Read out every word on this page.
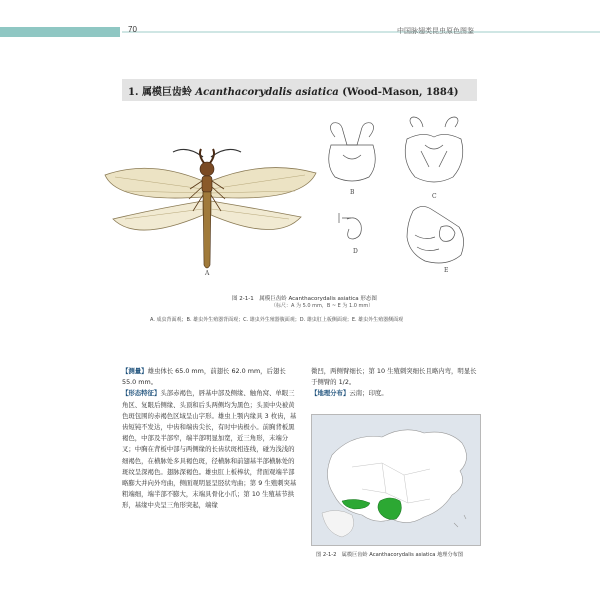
70	中国脉翅类昆虫原色图鉴
1. 属模巨齿蛉 Acanthacorydalis asiatica (Wood-Mason, 1884)
A
B
C
D
E
图 2-1-1　属模巨齿蛉 Acanthacorydalis asiatica 形态图
（标尺：A 为 5.0 mm，B ~ E 为 1.0 mm）
A. 成虫背面观；B. 雄虫外生殖器背面观；C. 雄虫外生殖器腹面观；D. 雄虫肛上板侧面观；E. 雄虫外生殖器侧面观

【测量】雄虫体长 65.0 mm，前翅长 62.0 mm，后翅长 55.0 mm。

【形态特征】头部赤褐色，唇基中部及侧缘、触角窝、单眼三角区、复眼后侧缘、头顶和后头两侧均为黑色；头顶中央被黄色斑包围的赤褐色区域呈山字形。雄虫上颚内缘具 3 枚齿，基齿短钝不发达，中齿和端齿尖长，有时中齿极小。前胸背板黑褐色，中部及半部窄，端半部明显加宽，近三角形，末端分叉；中胸在背板中部与两侧缘的长齿状斑相连线，碰为浅浅的细褐色，在横脉处多具褐色斑，径横脉和前翅基半部横脉处的斑纹呈深褐色。翅脉深褐色。雄虫肛上板棒状，背面观端半部略膨大并向外弯曲，侧面观明显呈胫状弯曲；第 9 生殖刺突基粗端细，端半部不膨大，末端具骨化小爪；第 10 生殖基节拱形，基缘中央呈三角形突起，端缘

微凹，两侧臂细长；第 10 生殖刺突细长且略内弯，明显长于侧臂的 1/2。

【地理分布】云南；印度。

图 2-1-2　属模巨齿蛉 Acanthacorydalis asiatica 地理分布图
